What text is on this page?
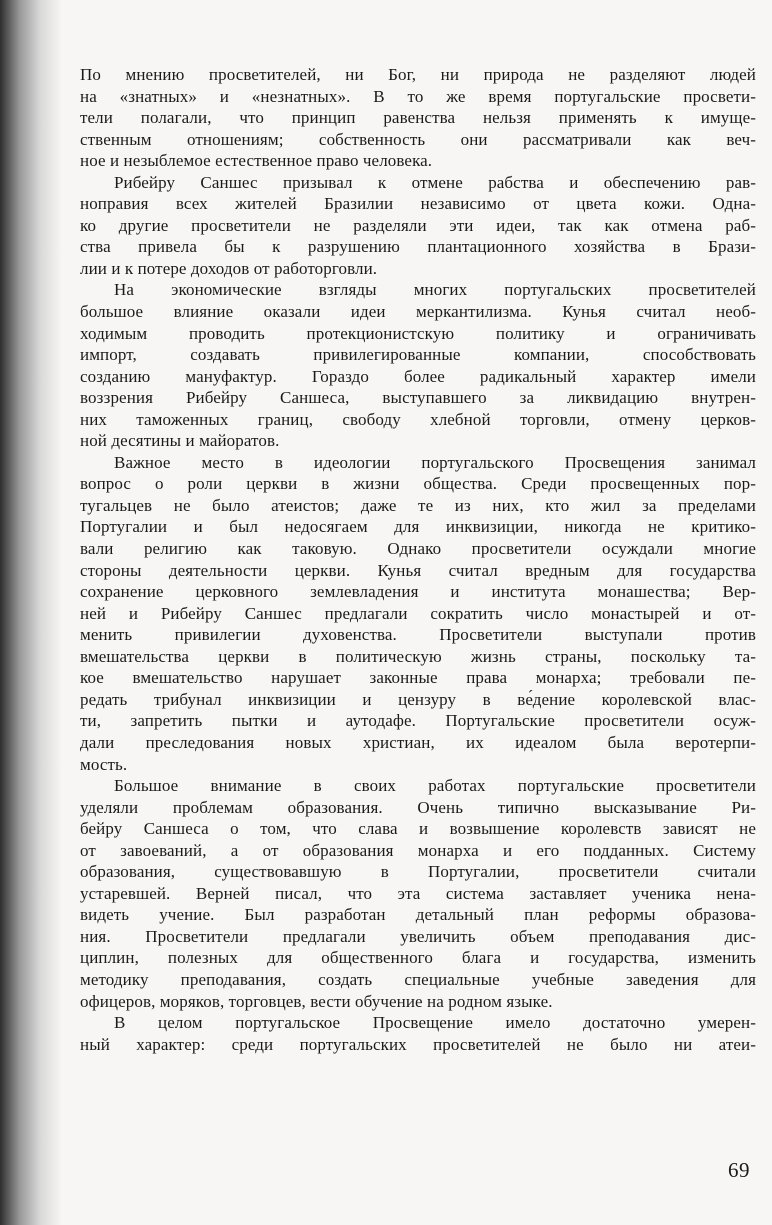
По мнению просветителей, ни Бог, ни природа не разделяют людей
на «знатных» и «незнатных». В то же время португальские просвети-
тели полагали, что принцип равенства нельзя применять к имуще-
ственным отношениям; собственность они рассматривали как веч-
ное и незыблемое естественное право человека.

Рибейру Саншес призывал к отмене рабства и обеспечению рав-
ноправия всех жителей Бразилии независимо от цвета кожи. Одна-
ко другие просветители не разделяли эти идеи, так как отмена раб-
ства привела бы к разрушению плантационного хозяйства в Брази-
лии и к потере доходов от работорговли.

На экономические взгляды многих португальских просветителей
большое влияние оказали идеи меркантилизма. Кунья считал необ-
ходимым проводить протекционистскую политику и ограничивать
импорт, создавать привилегированные компании, способствовать
созданию мануфактур. Гораздо более радикальный характер имели
воззрения Рибейру Саншеса, выступавшего за ликвидацию внутрен-
них таможенных границ, свободу хлебной торговли, отмену церков-
ной десятины и майоратов.

Важное место в идеологии португальского Просвещения занимал
вопрос о роли церкви в жизни общества. Среди просвещенных пор-
тугальцев не было атеистов; даже те из них, кто жил за пределами
Португалии и был недосягаем для инквизиции, никогда не критико-
вали религию как таковую. Однако просветители осуждали многие
стороны деятельности церкви. Кунья считал вредным для государства
сохранение церковного землевладения и института монашества; Вер-
ней и Рибейру Саншес предлагали сократить число монастырей и от-
менить привилегии духовенства. Просветители выступали против
вмешательства церкви в политическую жизнь страны, поскольку та-
кое вмешательство нарушает законные права монарха; требовали пе-
редать трибунал инквизиции и цензуру в ве́дение королевской влас-
ти, запретить пытки и аутодафе. Португальские просветители осуж-
дали преследования новых христиан, их идеалом была веротерпи-
мость.

Большое внимание в своих работах португальские просветители
уделяли проблемам образования. Очень типично высказывание Ри-
бейру Саншеса о том, что слава и возвышение королевств зависят не
от завоеваний, а от образования монарха и его подданных. Систему
образования, существовавшую в Португалии, просветители считали
устаревшей. Верней писал, что эта система заставляет ученика нена-
видеть учение. Был разработан детальный план реформы образова-
ния. Просветители предлагали увеличить объем преподавания дис-
циплин, полезных для общественного блага и государства, изменить
методику преподавания, создать специальные учебные заведения для
офицеров, моряков, торговцев, вести обучение на родном языке.

В целом португальское Просвещение имело достаточно умерен-
ный характер: среди португальских просветителей не было ни атеи-

69
